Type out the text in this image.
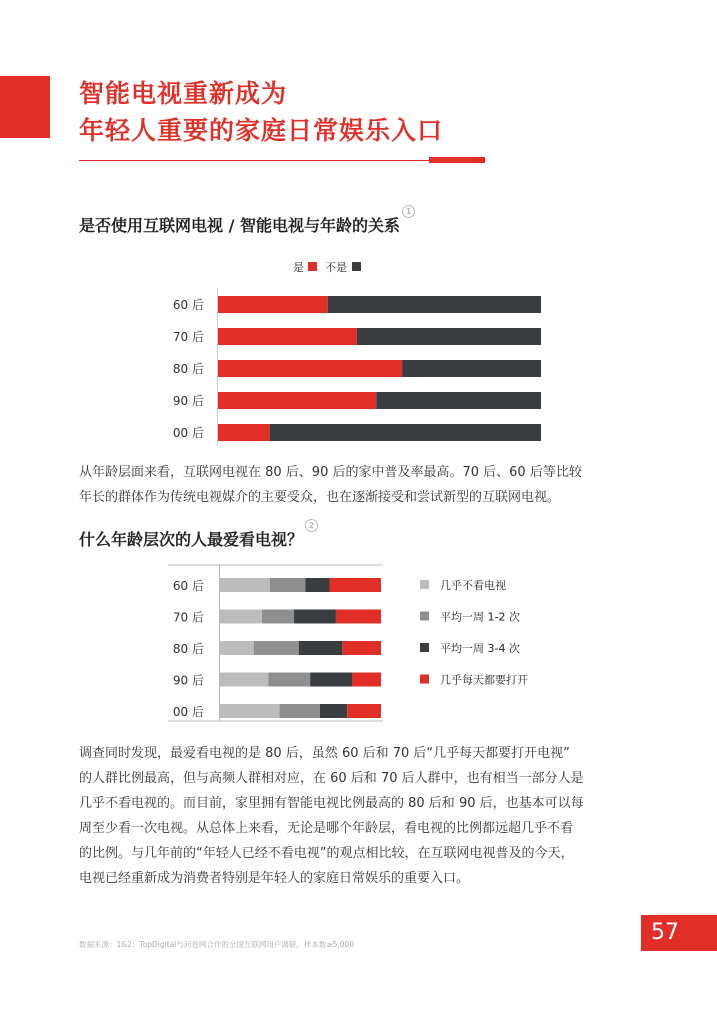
智能电视重新成为
年轻人重要的家庭日常娱乐入口
是否使用互联网电视 / 智能电视与年龄的关系
1
是 不是
60 后
70 后
80 后
90 后
00 后

从年龄层面来看，互联网电视在 80 后、90 后的家中普及率最高。70 后、60 后等比较

年长的群体作为传统电视媒介的主要受众，也在逐渐接受和尝试新型的互联网电视。

什么年龄层次的人最爱看电视？
2
60 后
70 后
80 后
90 后
00 后
几乎不看电视
平均一周 1-2 次
平均一周 3-4 次
几乎每天都要打开

调查同时发现，最爱看电视的是 80 后，虽然 60 后和 70 后“几乎每天都要打开电视”

的人群比例最高，但与高频人群相对应，在 60 后和 70 后人群中，也有相当一部分人是

几乎不看电视的。而目前，家里拥有智能电视比例最高的 80 后和 90 后，也基本可以每

周至少看一次电视。从总体上来看，无论是哪个年龄层，看电视的比例都远超几乎不看

的比例。与几年前的“年轻人已经不看电视”的观点相比较，在互联网电视普及的今天，

电视已经重新成为消费者特别是年轻人的家庭日常娱乐的重要入口。

数据来源：1&2：TopDigital与问卷网合作的全国互联网用户调研，样本数≥5,000	57
